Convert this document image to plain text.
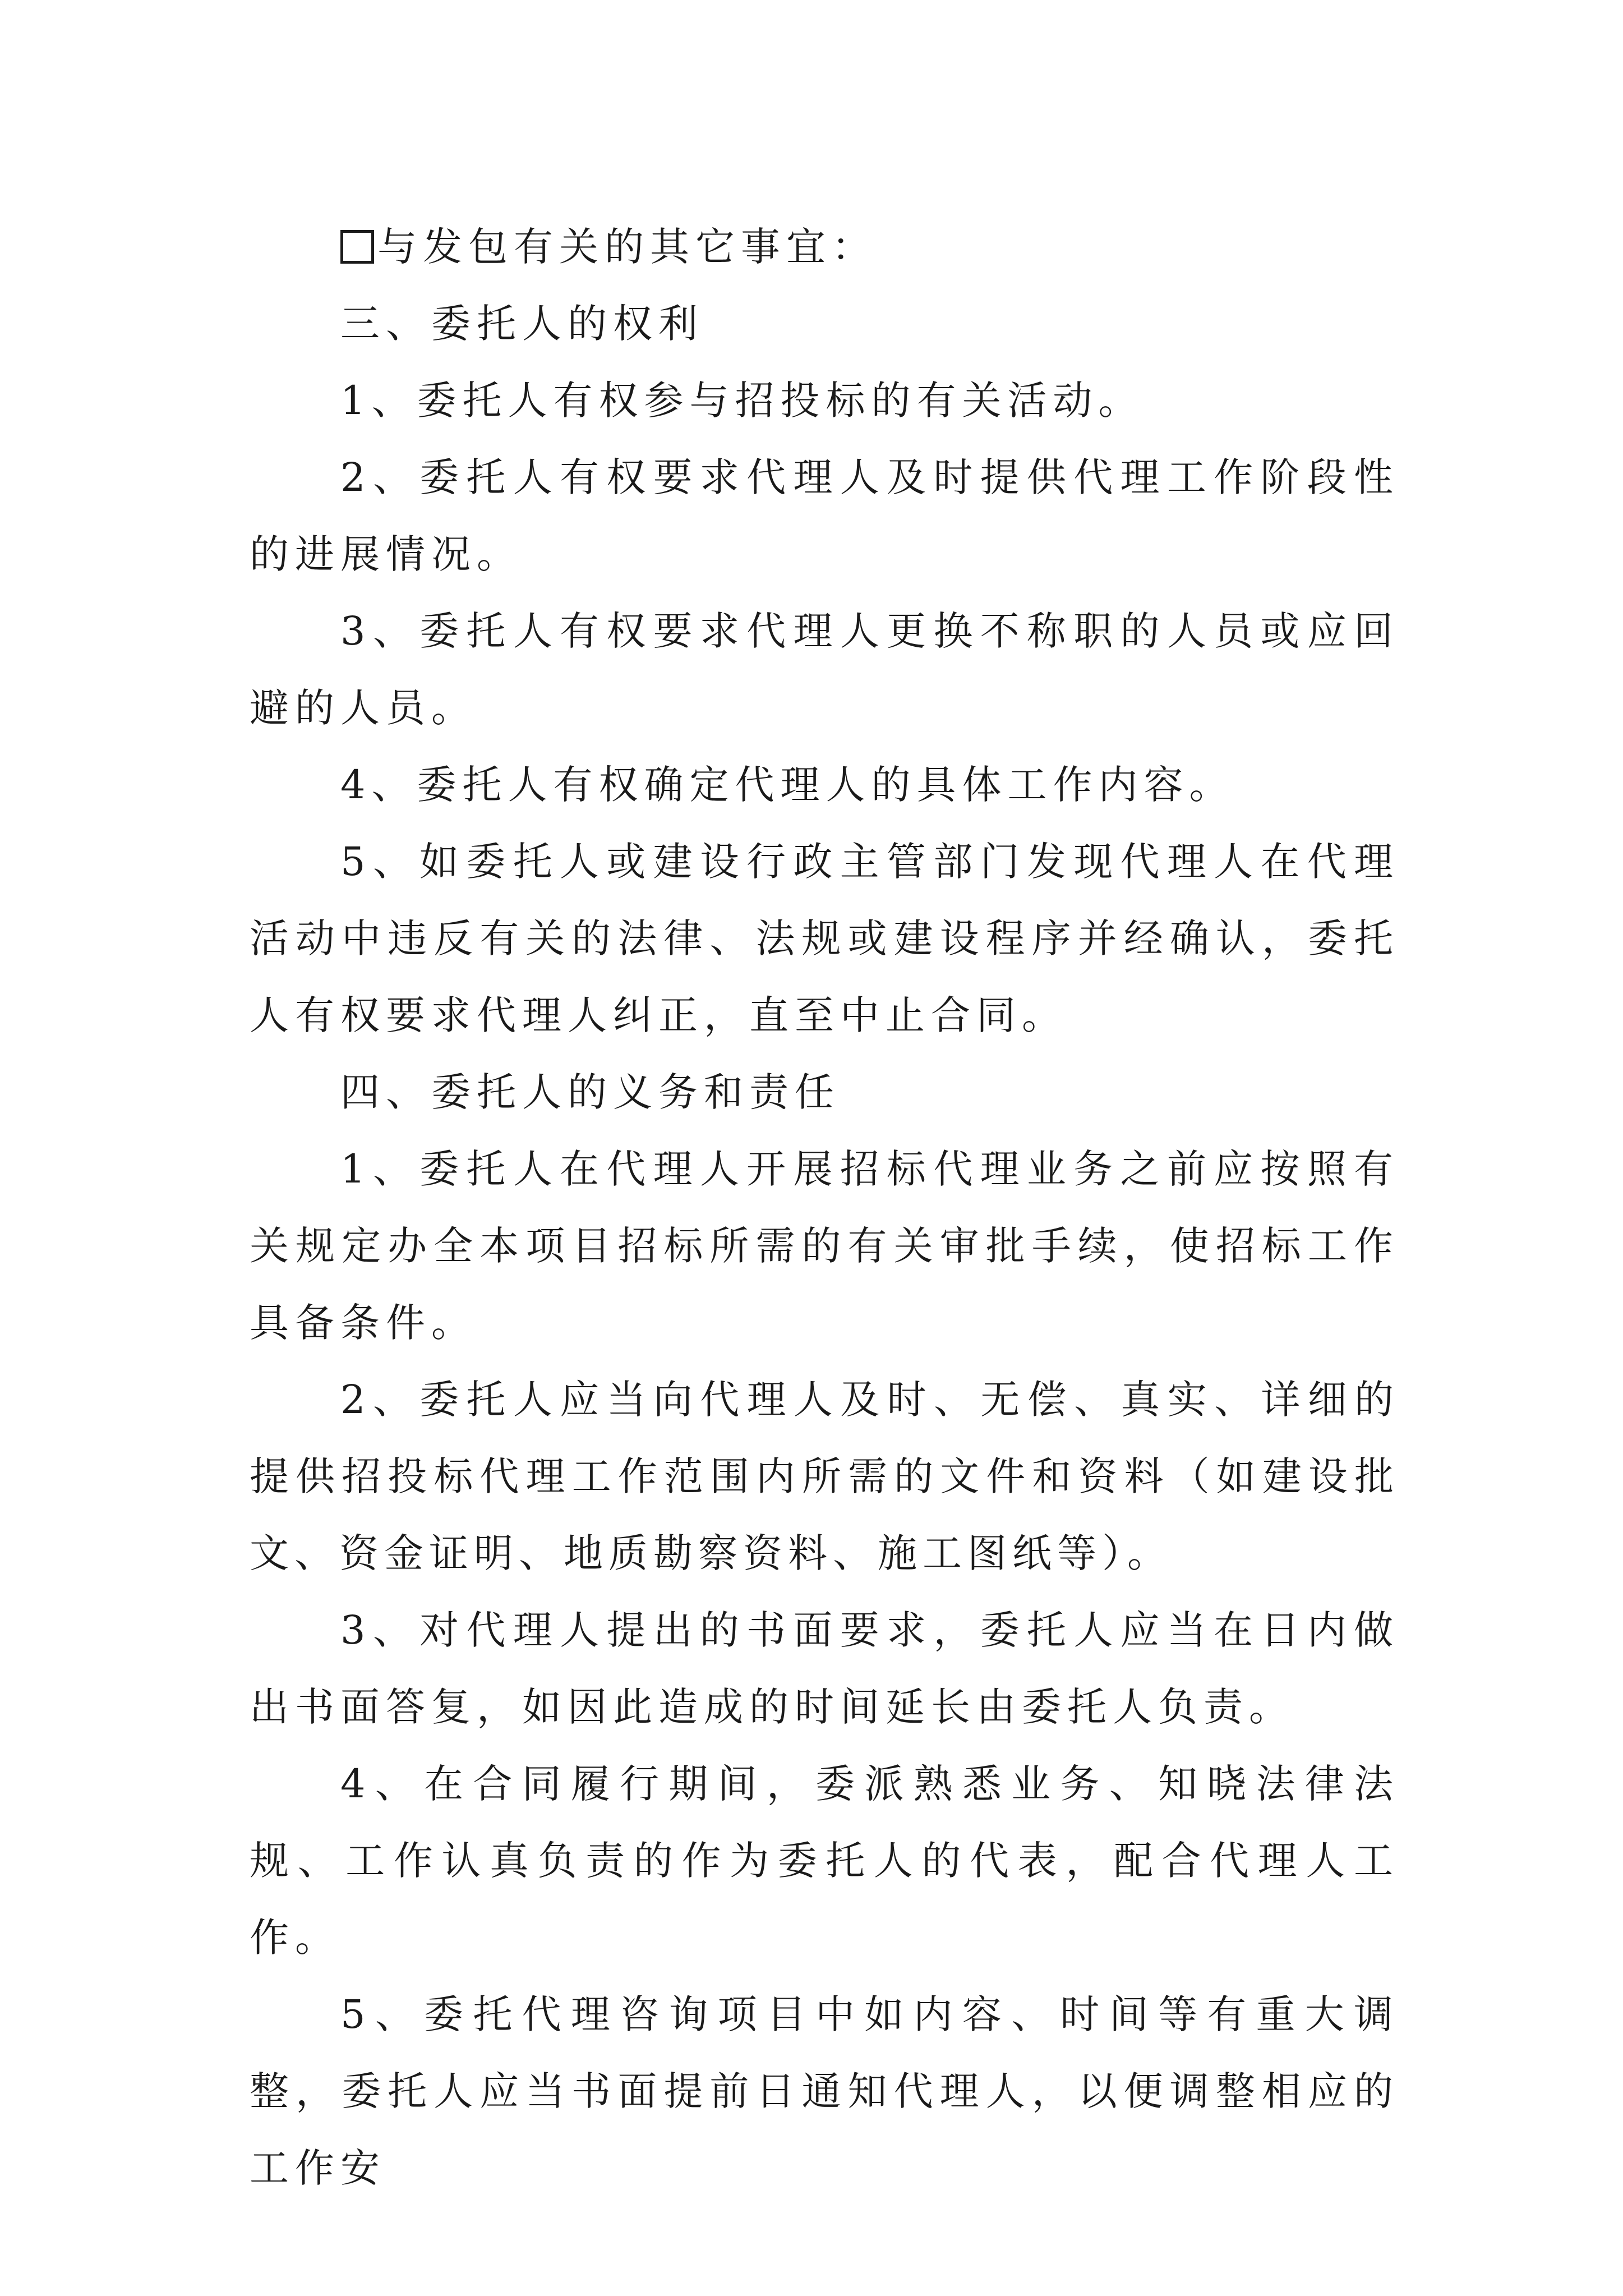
与发包有关的其它事宜：

三、委托人的权利

1、委托人有权参与招投标的有关活动。

2、委托人有权要求代理人及时提供代理工作阶段性的进展情况。

3、委托人有权要求代理人更换不称职的人员或应回避的人员。

4、委托人有权确定代理人的具体工作内容。

5、如委托人或建设行政主管部门发现代理人在代理活动中违反有关的法律、法规或建设程序并经确认，委托人有权要求代理人纠正，直至中止合同。

四、委托人的义务和责任

1、委托人在代理人开展招标代理业务之前应按照有关规定办全本项目招标所需的有关审批手续，使招标工作具备条件。

2、委托人应当向代理人及时、无偿、真实、详细的提供招投标代理工作范围内所需的文件和资料（如建设批文、资金证明、地质勘察资料、施工图纸等）。

3、对代理人提出的书面要求，委托人应当在日内做出书面答复，如因此造成的时间延长由委托人负责。

4、在合同履行期间，委派熟悉业务、知晓法律法规、工作认真负责的作为委托人的代表，配合代理人工作。

5、委托代理咨询项目中如内容、时间等有重大调整，委托人应当书面提前日通知代理人，以便调整相应的工作安
